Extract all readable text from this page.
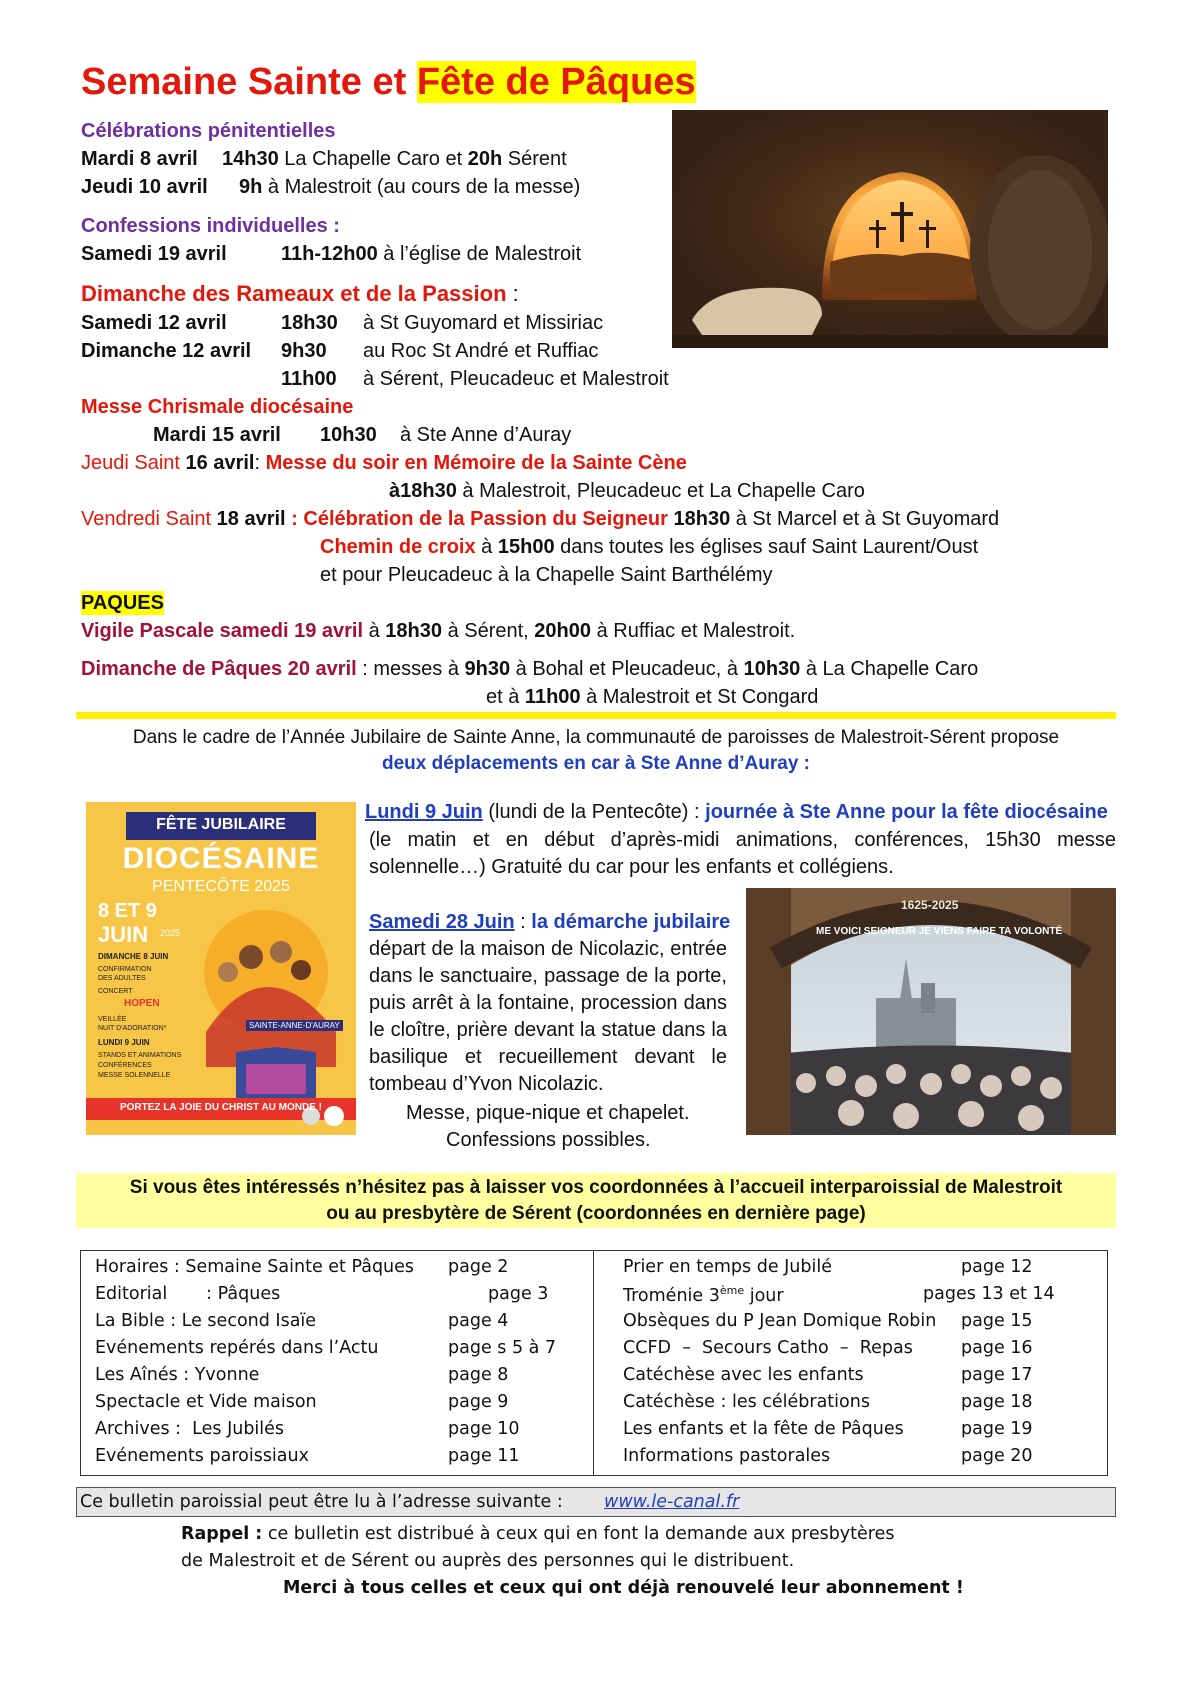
Semaine Sainte et Fête de Pâques
Célébrations pénitentielles
Mardi 8 avril 14h30 La Chapelle Caro et 20h Sérent
Jeudi 10 avril 9h à Malestroit (au cours de la messe)
Confessions individuelles :
Samedi 19 avril	11h-12h00 à l’église de Malestroit
Dimanche des Rameaux et de la Passion :
Samedi 12 avril	18h30 à St Guyomard et Missiriac
Dimanche 12 avril 9h30 au Roc St André et Ruffiac
11h00 à Sérent, Pleucadeuc et Malestroit
Messe Chrismale diocésaine
Mardi 15 avril 10h30 à Ste Anne d’Auray
Jeudi Saint 16 avril: Messe du soir en Mémoire de la Sainte Cène
à18h30 à Malestroit, Pleucadeuc et La Chapelle Caro
Vendredi Saint 18 avril : Célébration de la Passion du Seigneur 18h30 à St Marcel et à St Guyomard
Chemin de croix à 15h00 dans toutes les églises sauf Saint Laurent/Oust
et pour Pleucadeuc à la Chapelle Saint Barthélémy
PAQUES
Vigile Pascale samedi 19 avril à 18h30 à Sérent, 20h00 à Ruffiac et Malestroit.
Dimanche de Pâques 20 avril : messes à 9h30 à Bohal et Pleucadeuc, à 10h30 à La Chapelle Caro
et à 11h00 à Malestroit et St Congard
Dans le cadre de l’Année Jubilaire de Sainte Anne, la communauté de paroisses de Malestroit-Sérent propose
deux déplacements en car à Ste Anne d’Auray :
FÊTE JUBILAIRE
DIOCÉSAINE
PENTECÔTE 2025
8 ET 9
JUIN 2025
DIMANCHE 8 JUIN
CONFIRMATION
DES ADULTES
CONCERT
HOPEN
VEILLÉE
NUIT D'ADORATION*
LUNDI 9 JUIN
STANDS ET ANIMATIONS
CONFÉRENCES
MESSE SOLENNELLE
SAINTE-ANNE-D'AURAY
PORTEZ LA JOIE DU CHRIST AU MONDE !
Lundi 9 Juin (lundi de la Pentecôte) : journée à Ste Anne pour la fête diocésaine
(le matin et en début d’après-midi animations, conférences, 15h30 messe
solennelle…) Gratuité du car pour les enfants et collégiens.
Samedi 28 Juin : la démarche jubilaire
départ de la maison de Nicolazic, entrée
dans le sanctuaire, passage de la porte,
puis arrêt à la fontaine, procession dans
le cloître, prière devant la statue dans la
basilique et recueillement devant le
tombeau d’Yvon Nicolazic.
Messe, pique-nique et chapelet.
Confessions possibles.
1625-2025
ME VOICI SEIGNEUR JE VIENS FAIRE TA VOLONTÉ
Si vous êtes intéressés n’hésitez pas à laisser vos coordonnées à l’accueil interparoissial de Malestroit
ou au presbytère de Sérent (coordonnées en dernière page)
Horaires : Semaine Sainte et Pâques page 2
Editorial       : Pâques	page 3
La Bible : Le second Isaïe	page 4
Evénements repérés dans l’Actu	page s 5 à 7
Les Aînés : Yvonne	page 8
Spectacle et Vide maison	page 9
Archives :  Les Jubilés	page 10
Evénements paroissiaux	page 11
Prier en temps de Jubilé	page 12
Troménie 3ème jour	pages 13 et 14
Obsèques du P Jean Domique Robin page 15
CCFD  –  Secours Catho  –  Repas	page 16
Catéchèse avec les enfants	page 17
Catéchèse : les célébrations	page 18
Les enfants et la fête de Pâques	page 19
Informations pastorales	page 20
Ce bulletin paroissial peut être lu à l’adresse suivante : www.le-canal.fr
Rappel : ce bulletin est distribué à ceux qui en font la demande aux presbytères
de Malestroit et de Sérent ou auprès des personnes qui le distribuent.
Merci à tous celles et ceux qui ont déjà renouvelé leur abonnement !
